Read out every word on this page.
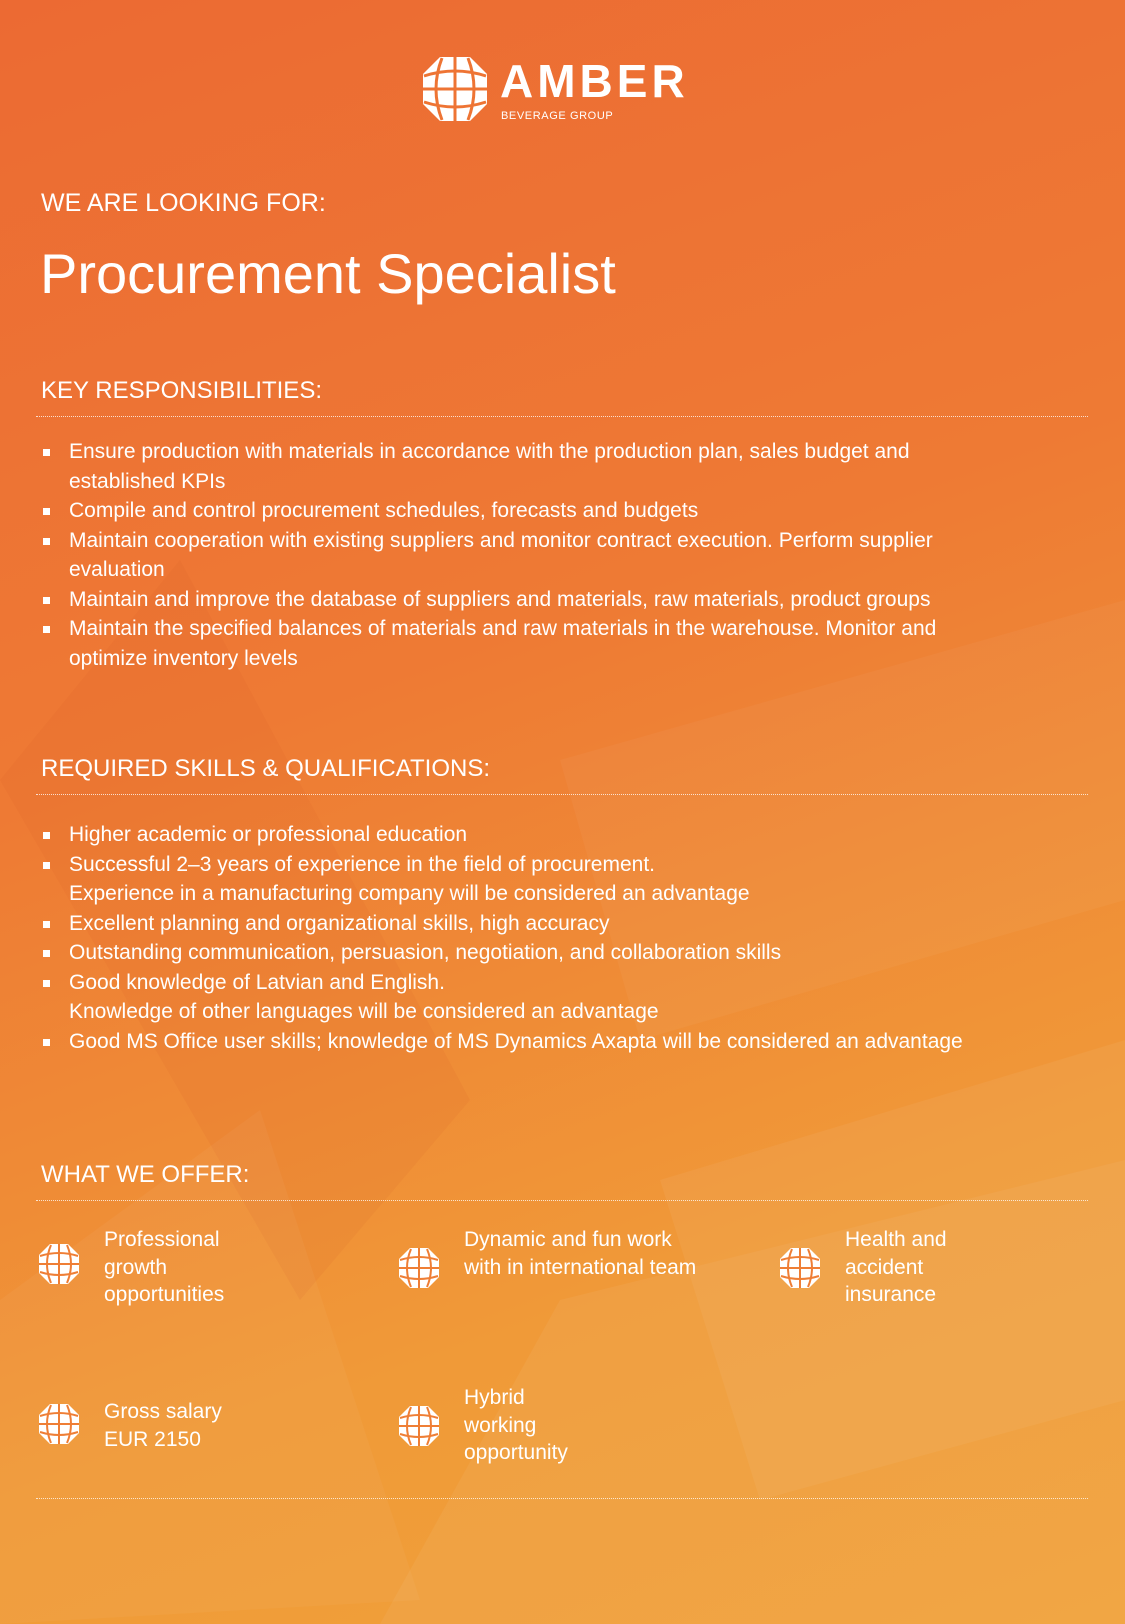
AMBER
BEVERAGE GROUP
WE ARE LOOKING FOR:
Procurement Specialist
KEY RESPONSIBILITIES:
Ensure production with materials in accordance with the production plan, sales budget and established KPIs
Compile and control procurement schedules, forecasts and budgets
Maintain cooperation with existing suppliers and monitor contract execution. Perform supplier evaluation
Maintain and improve the database of suppliers and materials, raw materials, product groups
Maintain the specified balances of materials and raw materials in the warehouse. Monitor and optimize inventory levels
REQUIRED SKILLS & QUALIFICATIONS:
Higher academic or professional education
Successful 2–3 years of experience in the field of procurement.
Experience in a manufacturing company will be considered an advantage
Excellent planning and organizational skills, high accuracy
Outstanding communication, persuasion, negotiation, and collaboration skills
Good knowledge of Latvian and English.
Knowledge of other languages will be considered an advantage
Good MS Office user skills; knowledge of MS Dynamics Axapta will be considered an advantage
WHAT WE OFFER:
Professional growth opportunities
Dynamic and fun work with in international team
Health and accident insurance
Gross salary EUR 2150
Hybrid working opportunity
